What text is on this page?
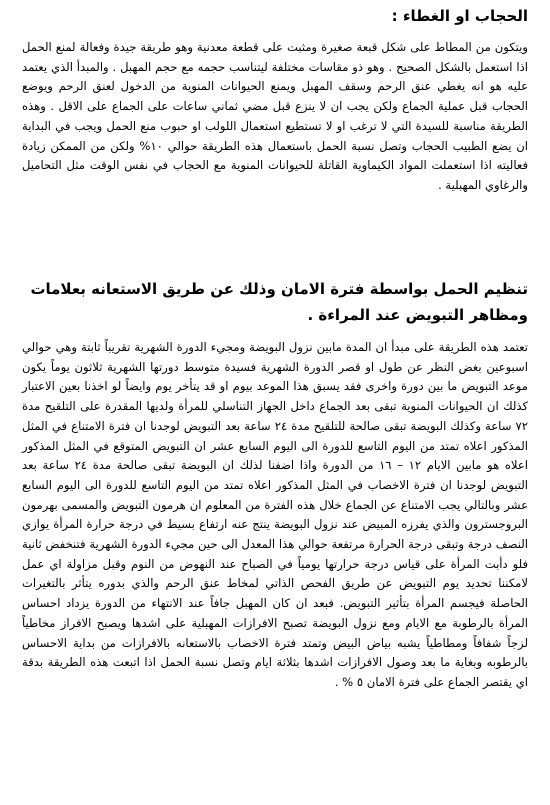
الحجاب او الغطاء :

ويتكون من المطاط على شكل قبعة صغيرة ومثبت على قطعة معدنية وهو طريقة جيدة وفعالة لمنع الحمل اذا استعمل بالشكل الصحيح . وهو ذو مقاسات مختلفة ليتناسب حجمه مع حجم المهبل . والمبدأ الذي يعتمد عليه هو انه يغطي عنق الرحم وسقف المهبل ويمنع الحيوانات المنوية من الدخول لعنق الرحم ويوضع الحجاب قبل عملية الجماع ولكن يجب ان لا ينزع قبل مضي ثماني ساعات على الجماع على الاقل . وهذه الطريقة مناسبة للسيدة التي لا ترغب او لا تستطيع استعمال اللولب او حبوب منع الحمل ويجب في البداية ان يضع الطبيب الحجاب وتصل نسبة الحمل باستعمال هذه الطريقة حوالي ١٠% ولكن من الممكن زيادة فعاليته اذا استعملت المواد الكيماوية القاتلة للحيوانات المنوية مع الحجاب في نفس الوقت مثل التحاميل والرغاوي المهبلية .

تنظيم الحمل بواسطة فترة الامان وذلك عن طريق الاستعانه بعلامات ومظاهر التبويض عند المراءة .

تعتمد هذه الطريقة على مبدأ ان المدة مابين نزول البويضة ومجيء الدورة الشهرية تقريباً ثابتة وهي حوالي اسبوعين بغض النظر عن طول او قصر الدورة الشهرية فسيدة متوسط دورتها الشهرية ثلاثون يوماً يكون موعد التبويض ما بين دورة واخرى فقد يسبق هذا الموعد بيوم او قد يتأخر يوم وايضاً لو اخذنا بعين الاعتبار كذلك ان الحيوانات المنوية تبقى بعد الجماع داخل الجهاز التناسلي للمرأة ولديها المقدرة على التلقيح مدة ٧٢ ساعة وكذلك البويضة تبقى صالحة للتلقيح مدة ٢٤ ساعة بعد التبويض لوجدنا ان فترة الامتناع في المثل المذكور اعلاه تمتد من اليوم التاسع للدورة الى اليوم السابع عشر ان التبويض المتوقع في المثل المذكور اعلاه هو مابين الايام ١٢ – ١٦ من الدورة واذا اضفنا لذلك ان البويضة تبقى صالحة مدة ٢٤ ساعة بعد التبويض لوجدنا ان فترة الاخصاب في المثل المذكور اعلاه تمتد من اليوم التاسع للدورة الى اليوم السابع عشر وبالتالي يجب الامتناع عن الجماع خلال هذه الفترة من المعلوم ان هرمون التبويض والمسمى بهرمون البروجسترون والذي يفرزه المبيض عند نزول البويضة ينتج عنه ارتفاع بسيط في درجة حرارة المرأة يوازي النصف درجة وتبقى درجة الحرارة مرتفعة حوالي هذا المعدل الى حين مجيء الدورة الشهرية فتنخفض ثانية فلو دأبت المرأة على قياس درجة حرارتها يومياً في الصباح عند النهوض من النوم وقبل مزاولة اي عمل لامكننا تحديد يوم التبويض عن طريق الفحص الذاتي لمخاط عنق الرحم والذي بدوره يتأثر بالتغيرات الحاصلة فيجسم المرأة بتأثير التبويض. فبعد ان كان المهبل جافاً عند الانتهاء من الدورة يزداد احساس المرأة بالرطوبة مع الايام ومع نزول البويضة تصبح الافرازات المهبلية على اشدها ويصبح الافراز مخاطياً لزجاً شفافاً ومطاطياً يشبه بياض البيض وتمتد فترة الاخصاب بالاستعانه بالافرازات من بداية الاحساس بالرطوبه وبغاية ما بعد وصول الافرازات اشدها بثلاثة ايام وتصل نسبة الحمل اذا اتبعت هذه الطريقة بدقة اي يقتصر الجماع على فترة الامان ٥ % .
